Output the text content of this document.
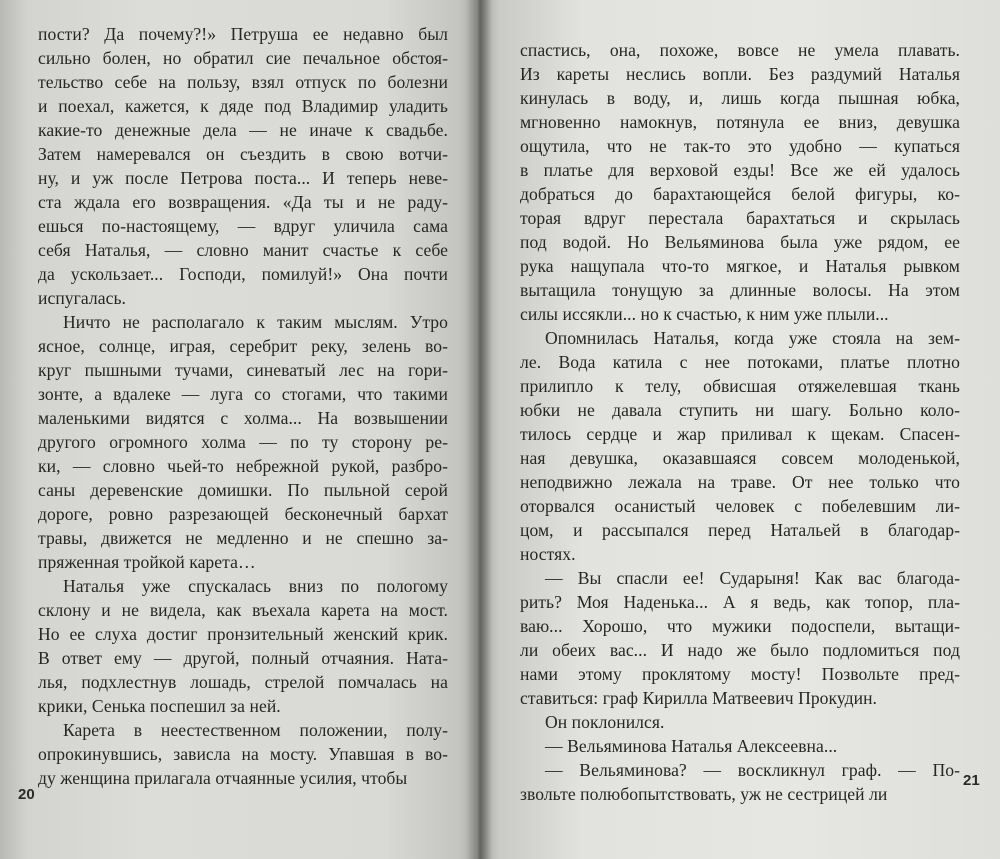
пости? Да почему?!» Петруша ее недавно был
сильно болен, но обратил сие печальное обстоя-
тельство себе на пользу, взял отпуск по болезни
и поехал, кажется, к дяде под Владимир уладить
какие-то денежные дела — не иначе к свадьбе.
Затем намеревался он съездить в свою вотчи-
ну, и уж после Петрова поста... И теперь неве-
ста ждала его возвращения. «Да ты и не раду-
ешься по-настоящему, — вдруг уличила сама
себя Наталья, — словно манит счастье к себе
да ускользает... Господи, помилуй!» Она почти
испугалась.
Ничто не располагало к таким мыслям. Утро
ясное, солнце, играя, серебрит реку, зелень во-
круг пышными тучами, синеватый лес на гори-
зонте, а вдалеке — луга со стогами, что такими
маленькими видятся с холма... На возвышении
другого огромного холма — по ту сторону ре-
ки, — словно чьей-то небрежной рукой, разбро-
саны деревенские домишки. По пыльной серой
дороге, ровно разрезающей бесконечный бархат
травы, движется не медленно и не спешно за-
пряженная тройкой карета…
Наталья уже спускалась вниз по пологому
склону и не видела, как въехала карета на мост.
Но ее слуха достиг пронзительный женский крик.
В ответ ему — другой, полный отчаяния. Ната-
лья, подхлестнув лошадь, стрелой помчалась на
крики, Сенька поспешил за ней.
Карета в неестественном положении, полу-
опрокинувшись, зависла на мосту. Упавшая в во-
ду женщина прилагала отчаянные усилия, чтобы
спастись, она, похоже, вовсе не умела плавать.
Из кареты неслись вопли. Без раздумий Наталья
кинулась в воду, и, лишь когда пышная юбка,
мгновенно намокнув, потянула ее вниз, девушка
ощутила, что не так-то это удобно — купаться
в платье для верховой езды! Все же ей удалось
добраться до барахтающейся белой фигуры, ко-
торая вдруг перестала барахтаться и скрылась
под водой. Но Вельяминова была уже рядом, ее
рука нащупала что-то мягкое, и Наталья рывком
вытащила тонущую за длинные волосы. На этом
силы иссякли... но к счастью, к ним уже плыли...
Опомнилась Наталья, когда уже стояла на зем-
ле. Вода катила с нее потоками, платье плотно
прилипло к телу, обвисшая отяжелевшая ткань
юбки не давала ступить ни шагу. Больно коло-
тилось сердце и жар приливал к щекам. Спасен-
ная девушка, оказавшаяся совсем молоденькой,
неподвижно лежала на траве. От нее только что
оторвался осанистый человек с побелевшим ли-
цом, и рассыпался перед Натальей в благодар-
ностях.
— Вы спасли ее! Сударыня! Как вас благода-
рить? Моя Наденька... А я ведь, как топор, пла-
ваю... Хорошо, что мужики подоспели, вытащи-
ли обеих вас... И надо же было подломиться под
нами этому проклятому мосту! Позвольте пред-
ставиться: граф Кирилла Матвеевич Прокудин.
Он поклонился.
— Вельяминова Наталья Алексеевна...
— Вельяминова? — воскликнул граф. — По-
звольте полюбопытствовать, уж не сестрицей ли
20
21
